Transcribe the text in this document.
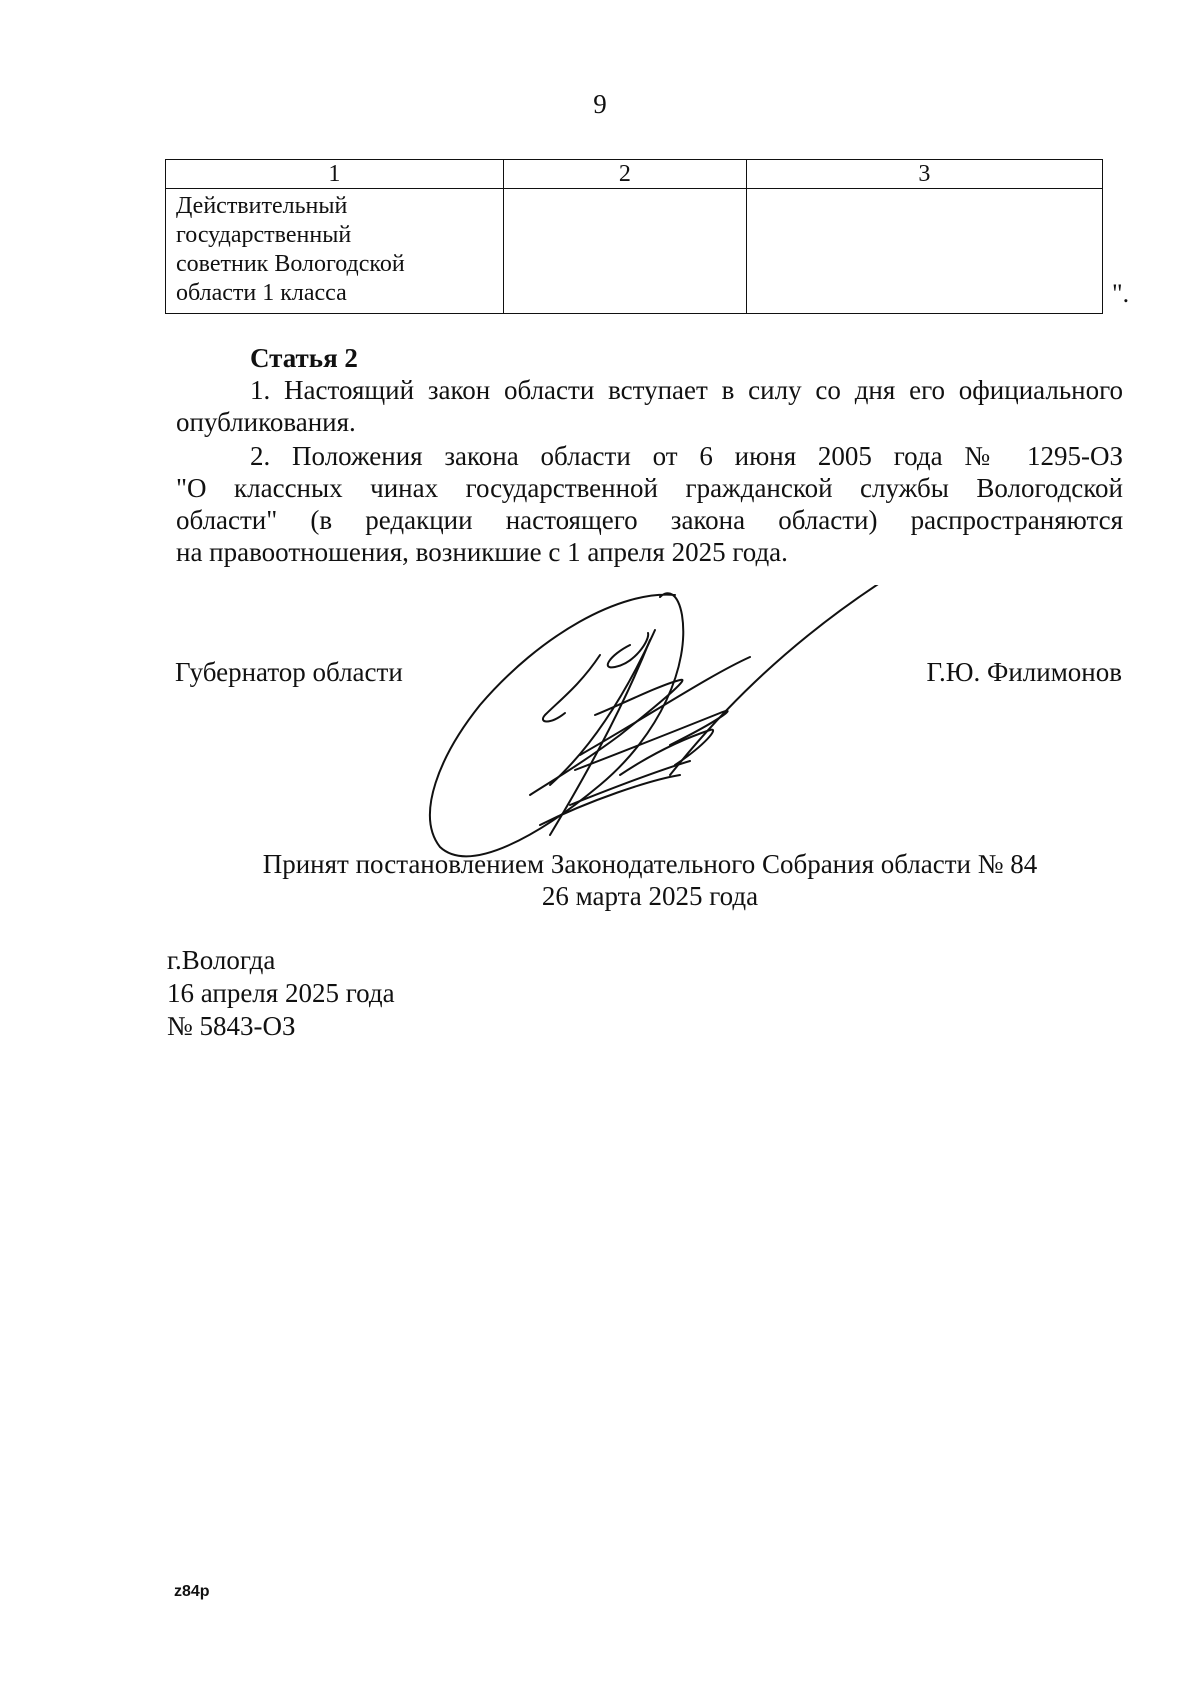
9
1	2	3
Действительный
государственный
советник Вологодской
области 1 класса			".
Статья 2
1. Настоящий закон области вступает в силу со дня его официального
опубликования.
2. Положения закона области от 6 июня 2005 года № 1295-ОЗ
"О классных чинах государственной гражданской службы Вологодской
области" (в редакции настоящего закона области) распространяются
на правоотношения, возникшие с 1 апреля 2025 года.
Губернатор области	Г.Ю. Филимонов
Принят постановлением Законодательного Собрания области № 84
26 марта 2025 года
г.Вологда
16 апреля 2025 года
№ 5843-ОЗ
z84p
